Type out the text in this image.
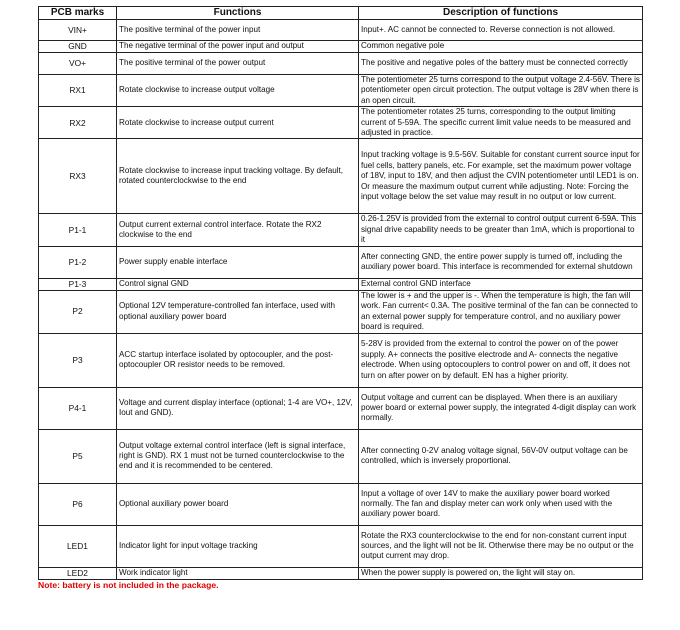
PCB marks	Functions	Description of functions
VIN+	The positive terminal of the power input	Input+. AC cannot be connected to. Reverse connection is not allowed.
GND	The negative terminal of the power input and output	Common negative pole
VO+	The positive terminal of the power output	The positive and negative poles of the battery must be connected correctly
RX1	Rotate clockwise to increase output voltage	The potentiometer 25 turns correspond to the output voltage 2.4-56V. There is potentiometer open circuit protection. The output voltage is 28V when there is an open circuit.
RX2	Rotate clockwise to increase output current	The potentiometer rotates 25 turns, corresponding to the output limiting current of 5-59A. The specific current limit value needs to be measured and adjusted in practice.
RX3	Rotate clockwise to increase input tracking voltage. By default, rotated counterclockwise to the end	Input tracking voltage is 9.5-56V. Suitable for constant current source input for fuel cells, battery panels, etc. For example, set the maximum power voltage of 18V, input to 18V, and then adjust the CVIN potentiometer until LED1 is on. Or measure the maximum output current while adjusting. Note: Forcing the input voltage below the set value may result in no output or low current.
P1-1	Output current external control interface. Rotate the RX2 clockwise to the end	0.26-1.25V is provided from the external to control output current 6-59A. This signal drive capability needs to be greater than 1mA, which is proportional to it
P1-2	Power supply enable interface	After connecting GND, the entire power supply is turned off, including the auxiliary power board. This interface is recommended for external shutdown
P1-3	Control signal GND	External control GND interface
P2	Optional 12V temperature-controlled fan interface, used with optional auxiliary power board	The lower is + and the upper is -. When the temperature is high, the fan will work. Fan current< 0.3A. The positive terminal of the fan can be connected to an external power supply for temperature control, and no auxiliary power board is required.
P3	ACC startup interface isolated by optocoupler, and the post-optocoupler OR resistor needs to be removed.	5-28V is provided from the external to control the power on of the power supply. A+ connects the positive electrode and A- connects the negative electrode. When using optocouplers to control power on and off, it does not turn on after power on by default. EN has a higher priority.
P4-1	Voltage and current display interface (optional; 1-4 are VO+, 12V, Iout and GND).	Output voltage and current can be displayed. When there is an auxiliary power board or external power supply, the integrated 4-digit display can work normally.
P5	Output voltage external control interface (left is signal interface, right is GND). RX 1 must not be turned counterclockwise to the end and it is recommended to be centered.	After connecting 0-2V analog voltage signal, 56V-0V output voltage can be controlled, which is inversely proportional.
P6	Optional auxiliary power board	Input a voltage of over 14V to make the auxiliary power board worked normally. The fan and display meter can work only when used with the auxiliary power board.
LED1	Indicator light for input voltage tracking	Rotate the RX3 counterclockwise to the end for non-constant current input sources, and the light will not be lit. Otherwise there may be no output or the output current may drop.
LED2	Work indicator light	When the power supply is powered on, the light will stay on.
Note: battery is not included in the package.
